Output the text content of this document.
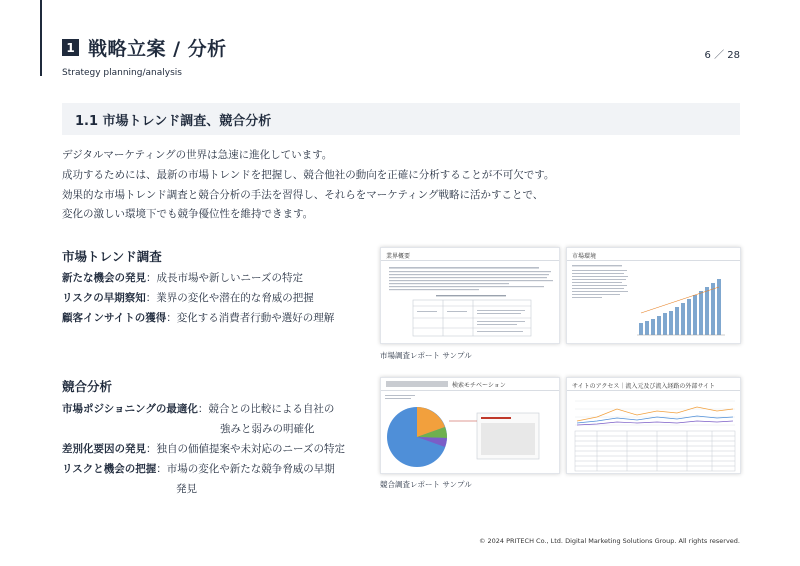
1 戦略立案 / 分析
Strategy planning/analysis
6 ／ 28
1.1 市場トレンド調査、競合分析
デジタルマーケティングの世界は急速に進化しています。
成功するためには、最新の市場トレンドを把握し、競合他社の動向を正確に分析することが不可欠です。
効果的な市場トレンド調査と競合分析の手法を習得し、それらをマーケティング戦略に活かすことで、
変化の激しい環境下でも競争優位性を維持できます。
市場トレンド調査
新たな機会の発見：成長市場や新しいニーズの特定
リスクの早期察知：業界の変化や潜在的な脅威の把握
顧客インサイトの獲得：変化する消費者行動や選好の理解
業界概要	市場環境
市場調査レポート サンプル
競合分析
市場ポジショニングの最適化：競合との比較による自社の
強みと弱みの明確化
差別化要因の発見：独自の価値提案や未対応のニーズの特定
リスクと機会の把握：市場の変化や新たな競争脅威の早期
発見
検索モチベーション	サイトのアクセス｜流入元及び流入経路の外部サイト
競合調査レポート サンプル
© 2024 PRITECH Co., Ltd. Digital Marketing Solutions Group. All rights reserved.
